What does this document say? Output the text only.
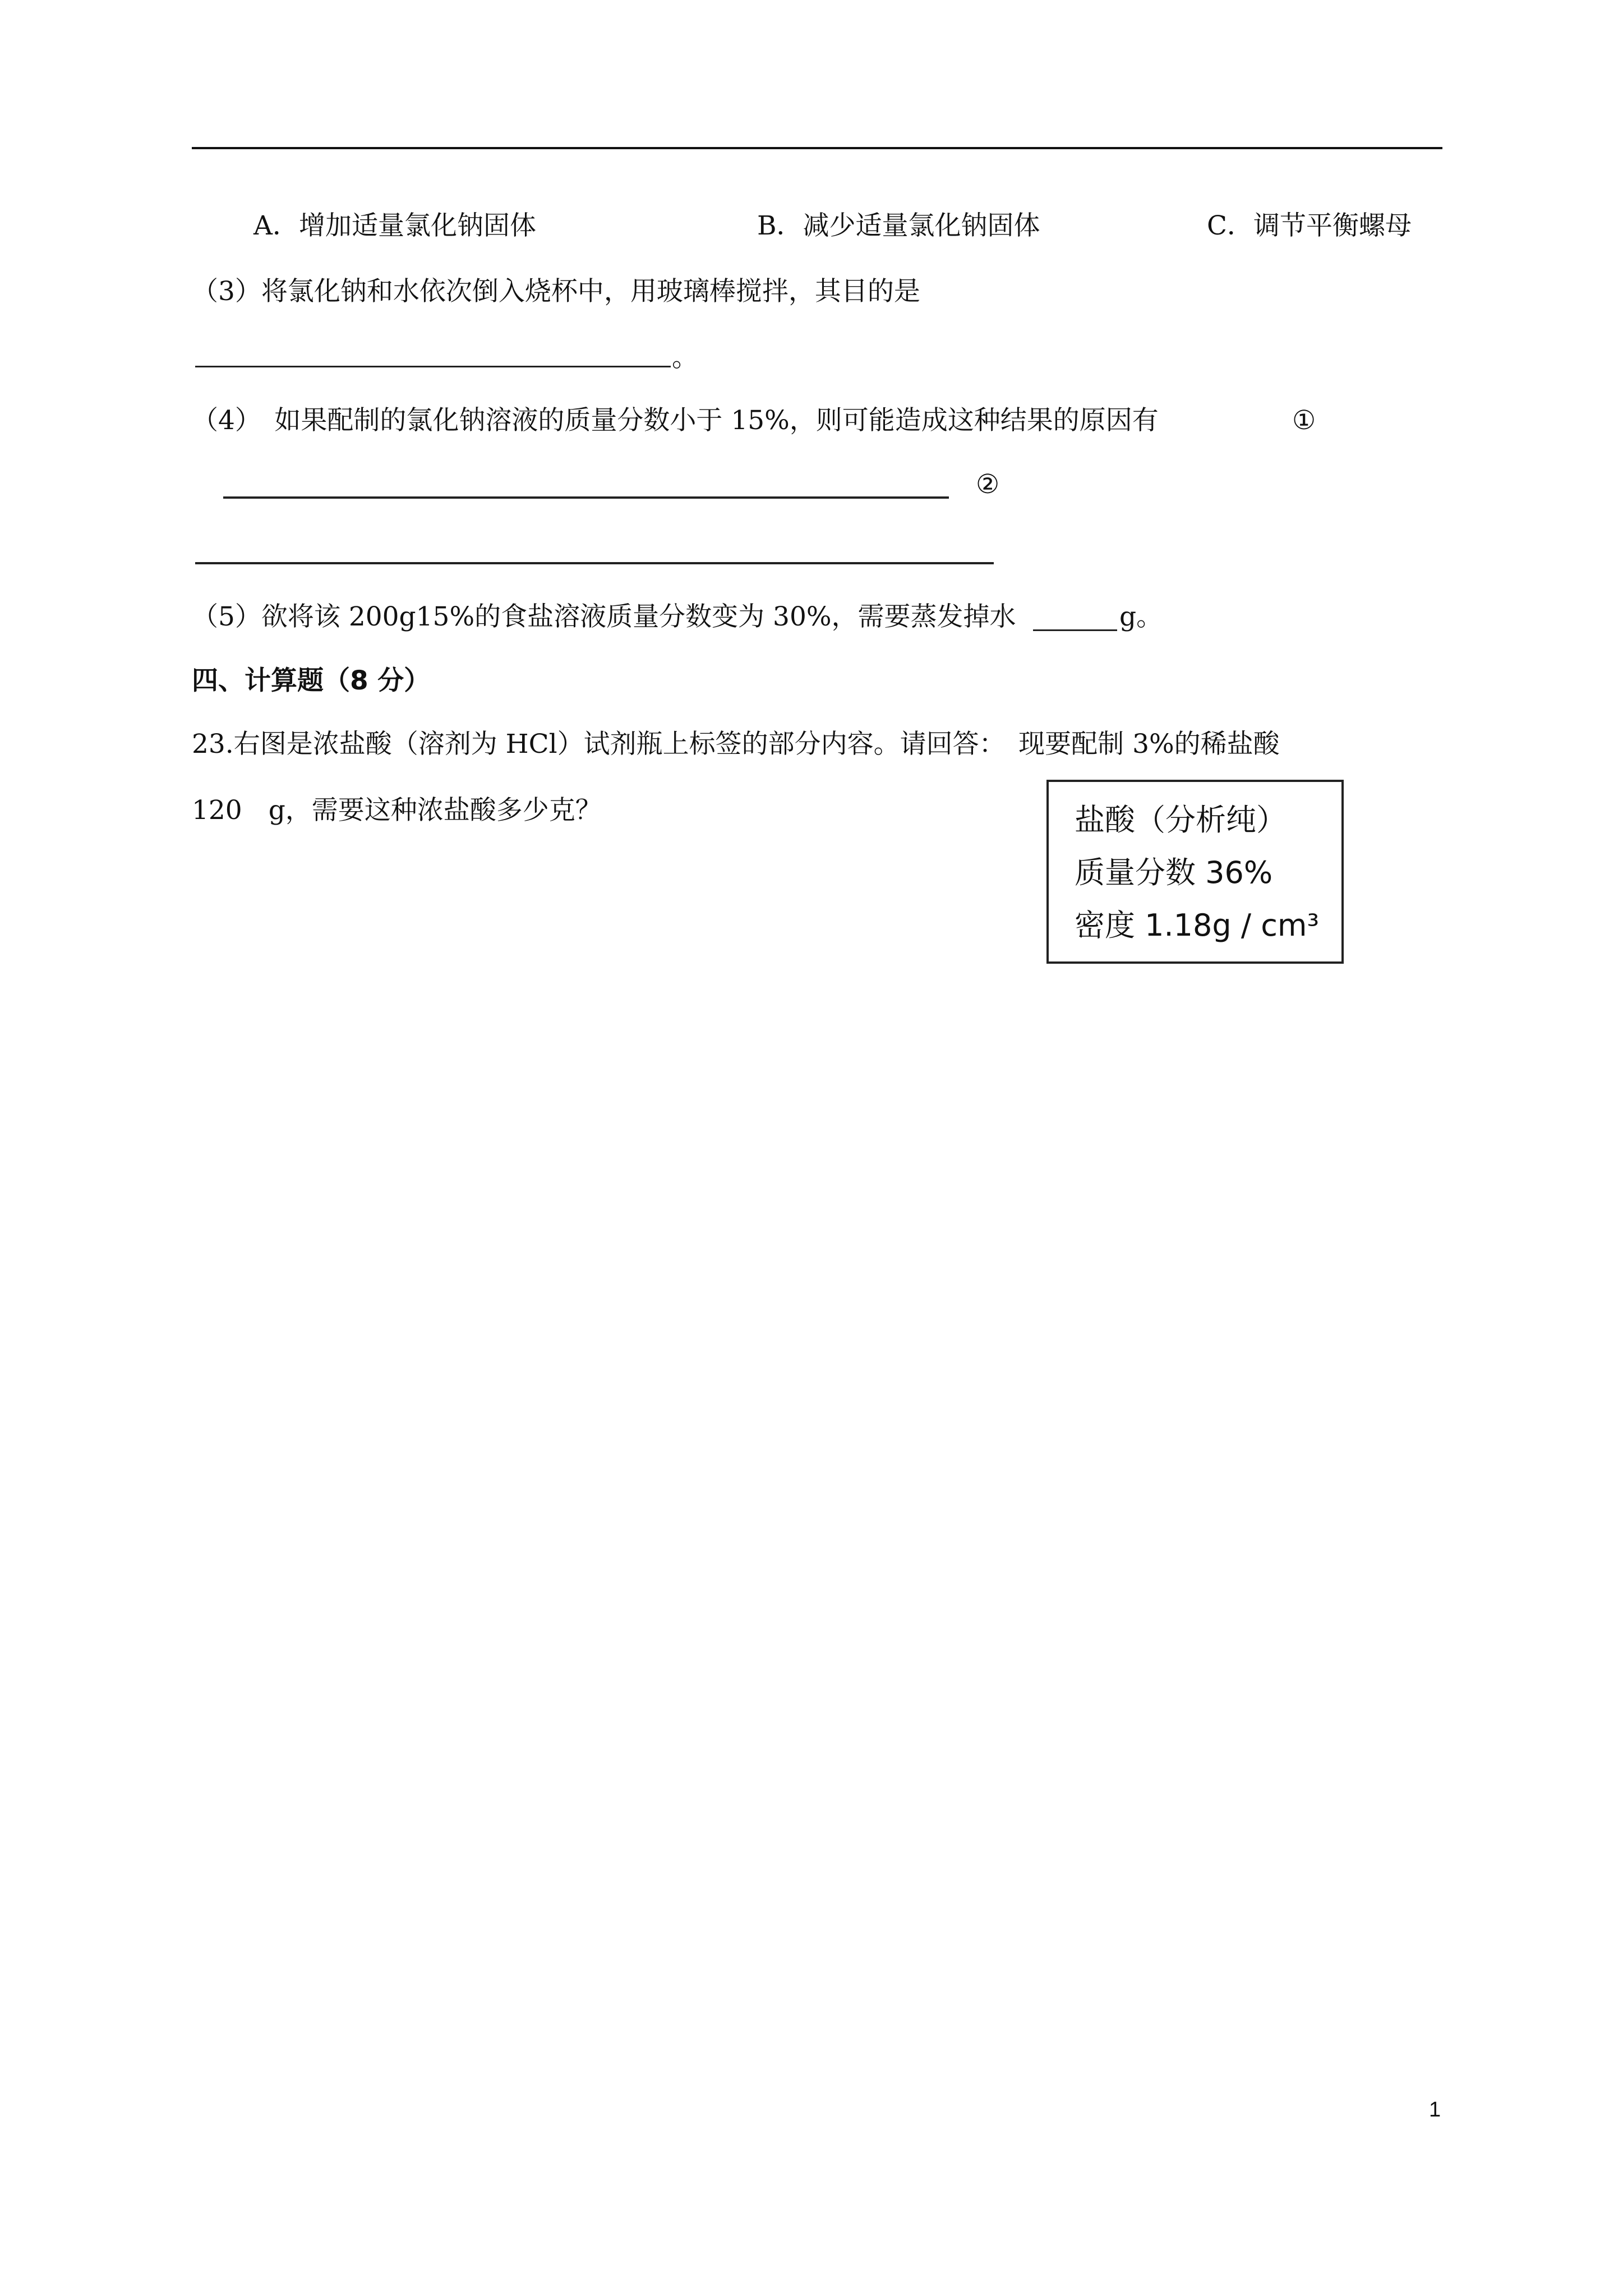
A．增加适量氯化钠固体	B．减少适量氯化钠固体	C．调节平衡螺母
（3）将氯化钠和水依次倒入烧杯中，用玻璃棒搅拌，其目的是
。
（4）　如果配制的氯化钠溶液的质量分数小于 15%，则可能造成这种结果的原因有	①
②
（5）欲将该 200g15%的食盐溶液质量分数变为 30%，需要蒸发掉水	g。
四、计算题（8 分）
23.右图是浓盐酸（溶剂为 HCl）试剂瓶上标签的部分内容。请回答：　现要配制 3%的稀盐酸
120　g，需要这种浓盐酸多少克？	盐酸（分析纯）
质量分数 36%
密度 1.18g / cm³
1
